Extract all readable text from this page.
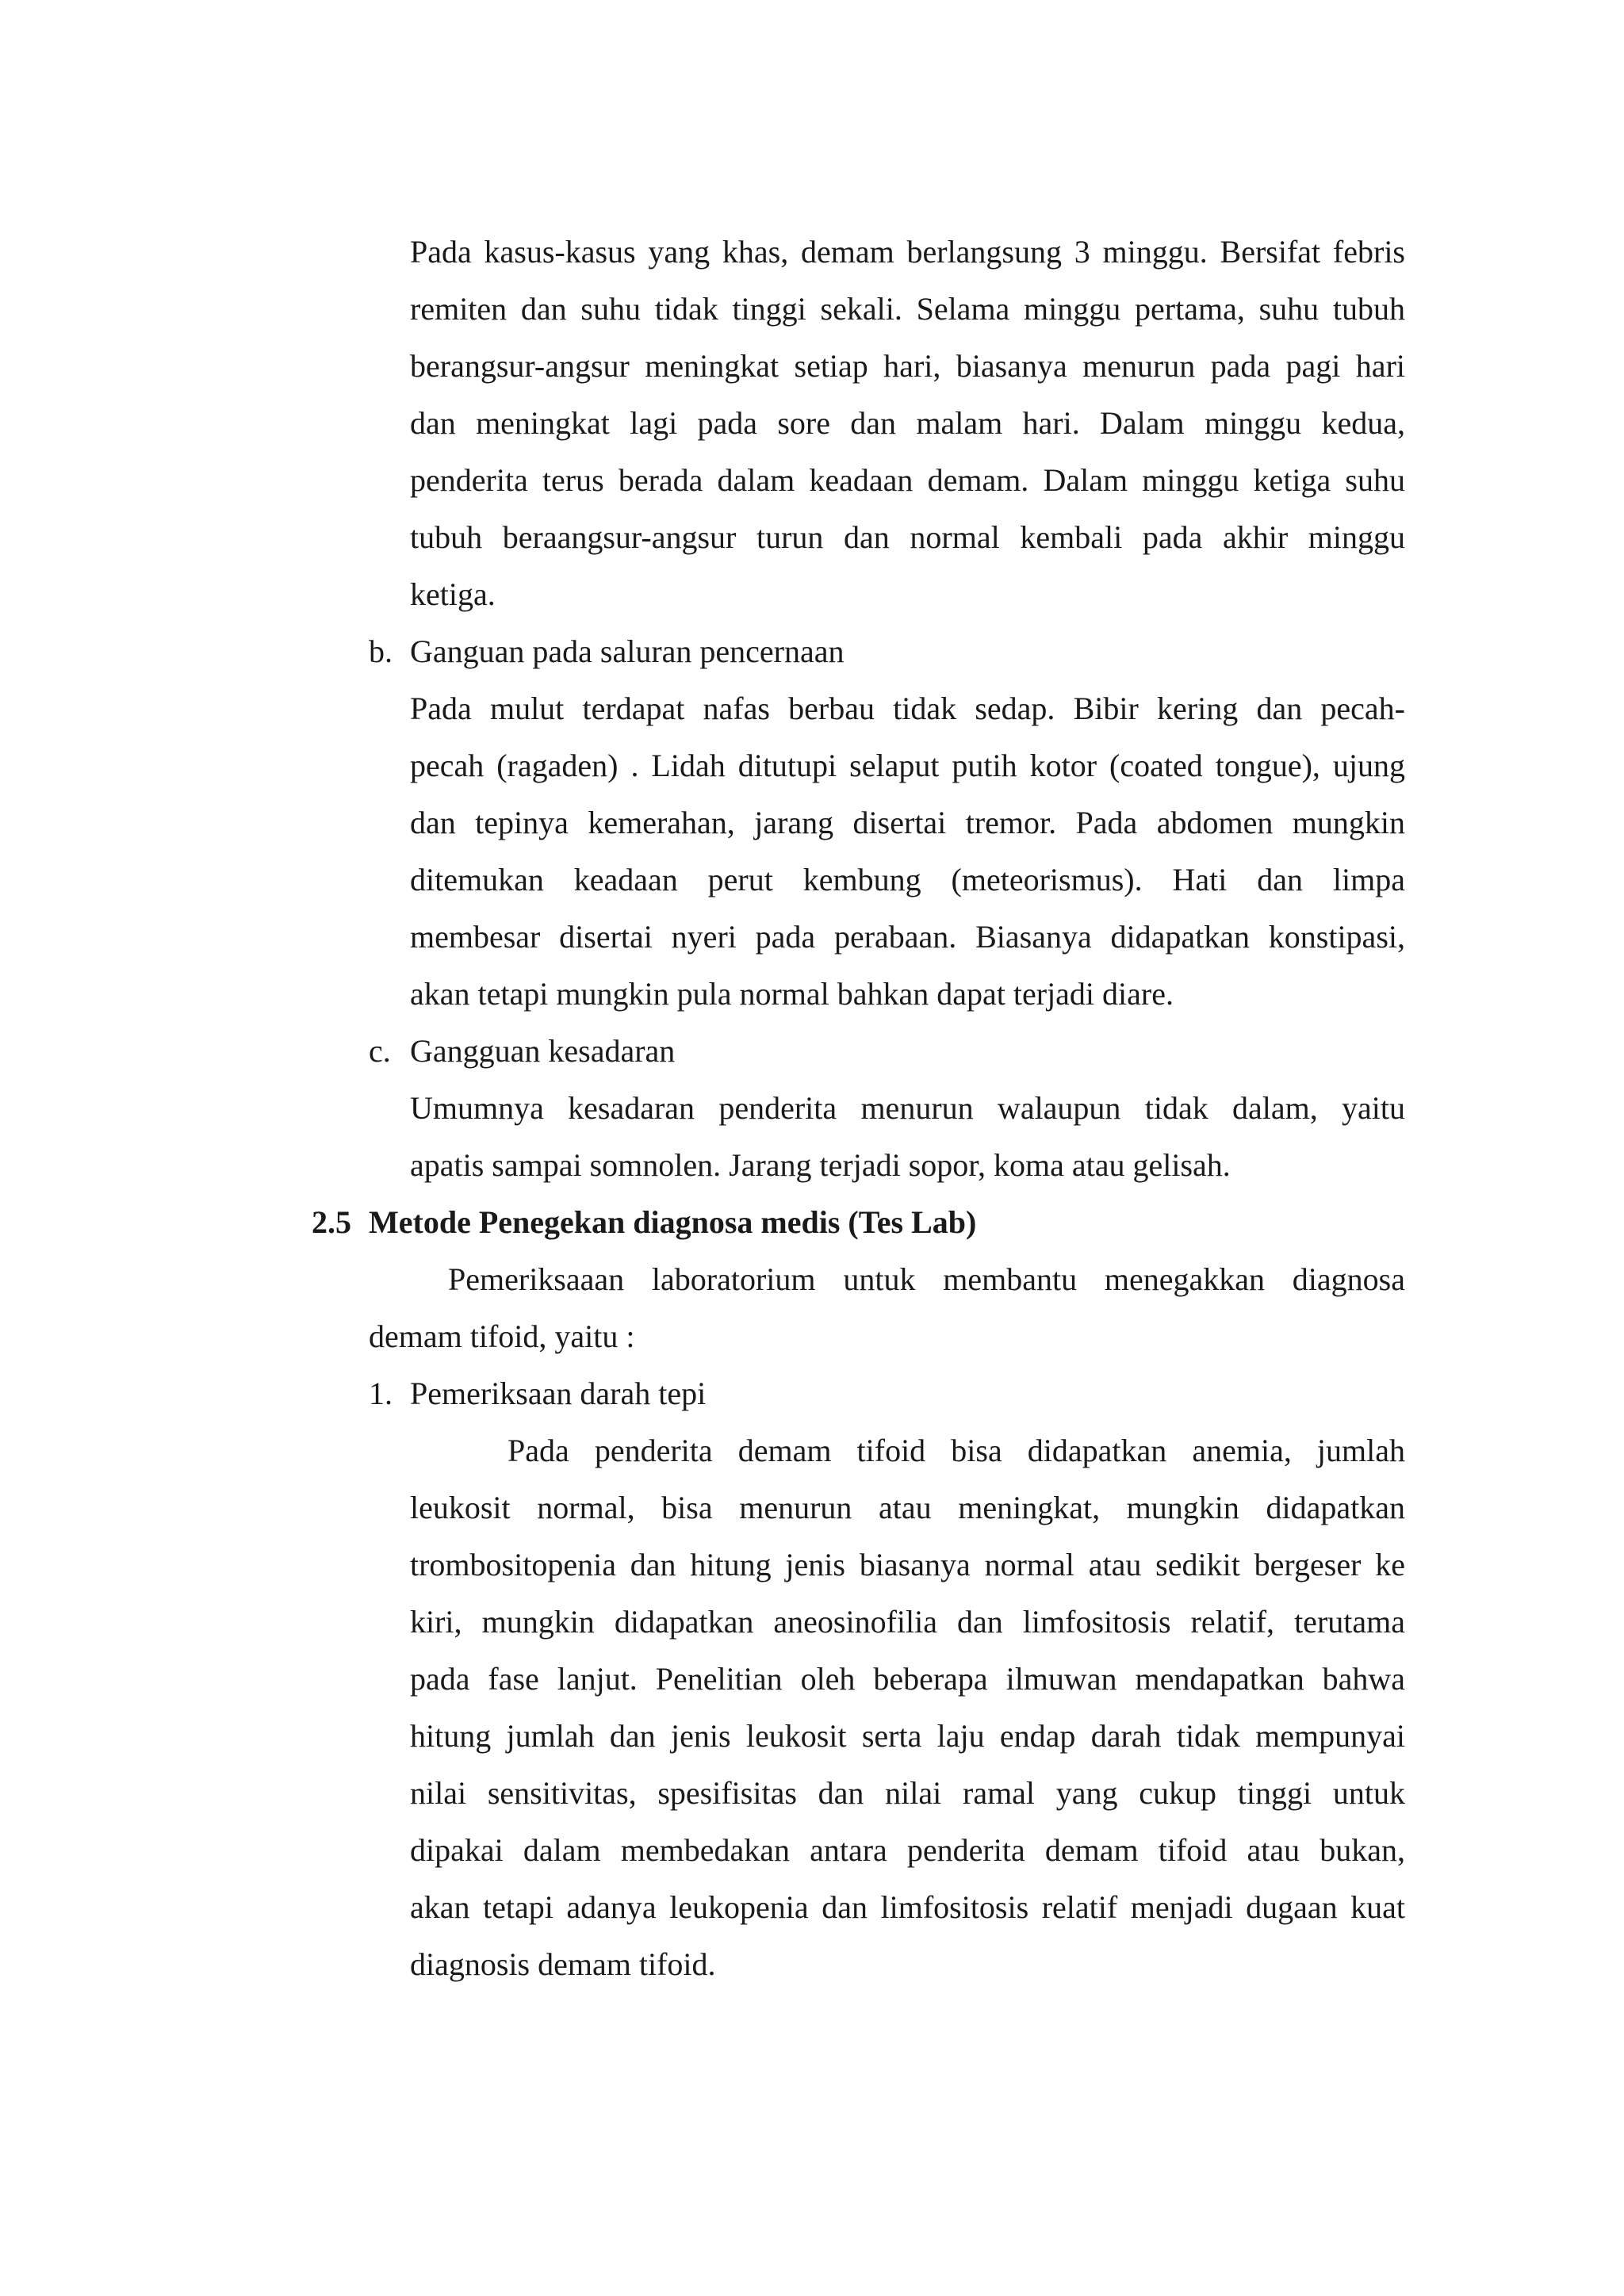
Pada kasus-kasus yang khas, demam berlangsung 3 minggu. Bersifat febris
remiten dan suhu tidak tinggi sekali. Selama minggu pertama, suhu tubuh
berangsur-angsur meningkat setiap hari, biasanya menurun pada pagi hari
dan meningkat lagi pada sore dan malam hari. Dalam minggu kedua,
penderita terus berada dalam keadaan demam. Dalam minggu ketiga suhu
tubuh beraangsur-angsur turun dan normal kembali pada akhir minggu
ketiga.
b. Ganguan pada saluran pencernaan
Pada mulut terdapat nafas berbau tidak sedap. Bibir kering dan pecah-
pecah (ragaden) . Lidah ditutupi selaput putih kotor (coated tongue), ujung
dan tepinya kemerahan, jarang disertai tremor. Pada abdomen mungkin
ditemukan keadaan perut kembung (meteorismus). Hati dan limpa
membesar disertai nyeri pada perabaan. Biasanya didapatkan konstipasi,
akan tetapi mungkin pula normal bahkan dapat terjadi diare.
c. Gangguan kesadaran
Umumnya kesadaran penderita menurun walaupun tidak dalam, yaitu
apatis sampai somnolen. Jarang terjadi sopor, koma atau gelisah.
2.5 Metode Penegekan diagnosa medis (Tes Lab)
Pemeriksaaan laboratorium untuk membantu menegakkan diagnosa
demam tifoid, yaitu :
1. Pemeriksaan darah tepi
Pada penderita demam tifoid bisa didapatkan anemia, jumlah
leukosit normal, bisa menurun atau meningkat, mungkin didapatkan
trombositopenia dan hitung jenis biasanya normal atau sedikit bergeser ke
kiri, mungkin didapatkan aneosinofilia dan limfositosis relatif, terutama
pada fase lanjut. Penelitian oleh beberapa ilmuwan mendapatkan bahwa
hitung jumlah dan jenis leukosit serta laju endap darah tidak mempunyai
nilai sensitivitas, spesifisitas dan nilai ramal yang cukup tinggi untuk
dipakai dalam membedakan antara penderita demam tifoid atau bukan,
akan tetapi adanya leukopenia dan limfositosis relatif menjadi dugaan kuat
diagnosis demam tifoid.
